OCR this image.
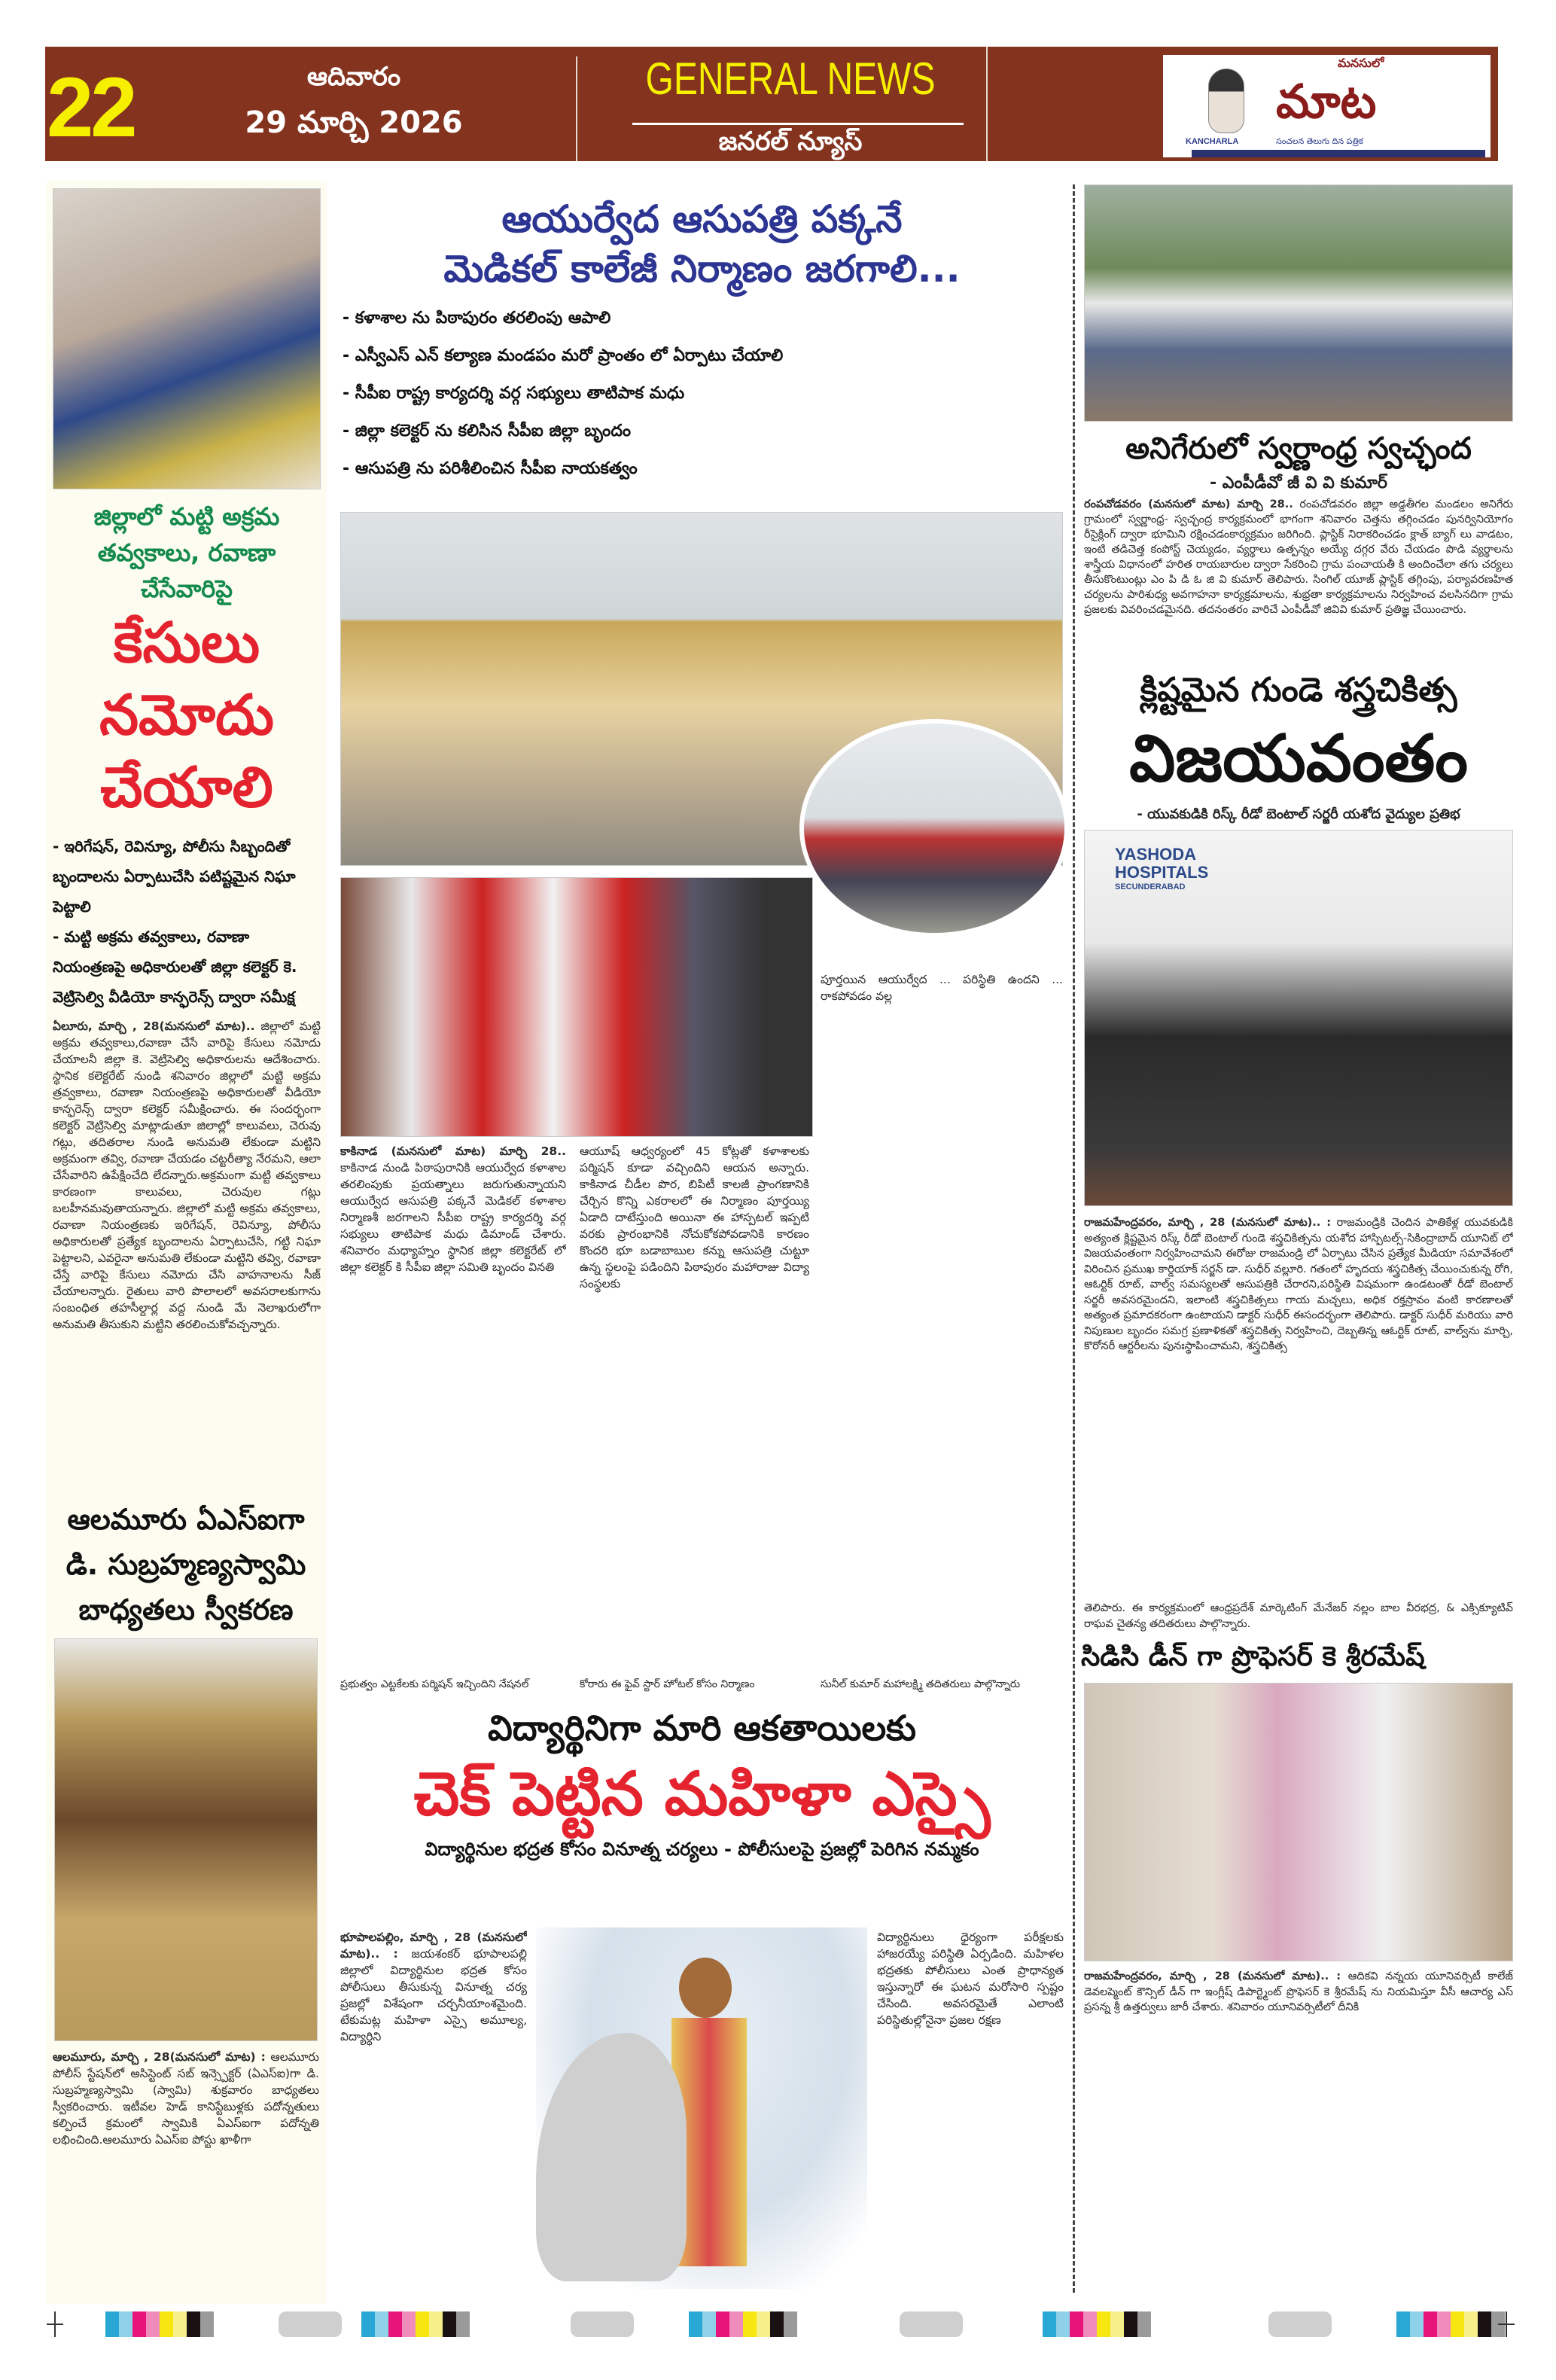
22	ఆదివారం
29 మార్చి 2026
GENERAL NEWS
జనరల్ న్యూస్
మనసులో
మాట
KANCHARLA	సంచలన తెలుగు దిన పత్రిక
జిల్లాలో మట్టి అక్రమ తవ్వకాలు, రవాణా చేసేవారిపై
కేసులు
నమోదు
చేయాలి
- ఇరిగేషన్, రెవిన్యూ, పోలీసు సిబ్బందితో బృందాలను ఏర్పాటుచేసి పటిష్టమైన నిఘా పెట్టాలి
- మట్టి అక్రమ తవ్వకాలు, రవాణా నియంత్రణపై అధికారులతో జిల్లా కలెక్టర్ కె. వెట్రిసెల్వి వీడియో కాన్ఫరెన్స్ ద్వారా సమీక్ష
ఏలూరు, మార్చి , 28(మనసులో మాట).. జిల్లాలో మట్టి అక్రమ తవ్వకాలు,రవాణా చేసే వారిపై కేసులు నమోదు చేయాలనీ జిల్లా కె. వెట్రిసెల్వి అధికారులను ఆదేశించారు. స్థానిక కలెక్టరేట్ నుండి శనివారం జిల్లాలో మట్టి అక్రమ త్రవ్వకాలు, రవాణా నియంత్రణపై అధికారులతో వీడియో కాన్ఫరెన్స్ ద్వారా కలెక్టర్ సమీక్షించారు. ఈ సందర్భంగా కలెక్టర్ వెట్రిసెల్వి మాట్లాడుతూ జిలాల్లో కాలువలు, చెరువు గట్లు, తదితరాల నుండి అనుమతి లేకుండా మట్టిని అక్రమంగా తవ్వి, రవాణా చేయడం చట్టరీత్యా నేరమని, ఆలా చేసేవారిని ఉపేక్షించేది లేదన్నారు.అక్రమంగా మట్టి తవ్వకాలు కారణంగా కాలువలు, చెరువుల గట్లు బలహీనమవుతాయన్నారు. జిల్లాలో మట్టి అక్రమ తవ్వకాలు, రవాణా నియంత్రణకు ఇరిగేషన్, రెవిన్యూ, పోలీసు అధికారులతో ప్రత్యేక బృందాలను ఏర్పాటుచేసి, గట్టి నిఘా పెట్టాలని, ఎవరైనా అనుమతి లేకుండా మట్టిని తవ్వి, రవాణా చేస్తే వారిపై కేసులు నమోదు చేసి వాహనాలను సీజ్ చేయాలన్నారు. రైతులు వారి పొలాలలో అవసరాలకుగాను సంబంధిత తహసీల్దార్ల వద్ద నుండి మే నెలాఖరులోగా అనుమతి తీసుకుని మట్టిని తరలించుకోవచ్చన్నారు.
ఆలమూరు ఏఎస్ఐగా
డి. సుబ్రహ్మణ్యస్వామి
బాధ్యతలు స్వీకరణ
ఆలమూరు, మార్చి , 28(మనసులో మాట) : ఆలమూరు పోలీస్ స్టేషన్‌లో అసిస్టెంట్ సబ్ ఇన్స్పెక్టర్ (ఏఎస్ఐ)గా డి. సుబ్రహ్మణ్యస్వామి (స్వామి) శుక్రవారం బాధ్యతలు స్వీకరించారు. ఇటీవల హెడ్ కానిస్టేబుళ్లకు పదోన్నతులు కల్పించే క్రమంలో స్వామికి ఏఎస్ఐగా పదోన్నతి లభించింది.ఆలమూరు ఏఎస్ఐ పోస్టు ఖాళీగా
ఆయుర్వేద ఆసుపత్రి పక్కనే
మెడికల్ కాలేజీ నిర్మాణం జరగాలి...
- కళాశాల ను పిఠాపురం తరలింపు ఆపాలి
- ఎస్వీఎస్ ఎన్ కల్యాణ మండపం మరో ప్రాంతం లో ఏర్పాటు చేయాలి
- సీపీఐ రాష్ట్ర కార్యదర్శి వర్గ సభ్యులు తాటిపాక మధు
- జిల్లా కలెక్టర్ ను కలిసిన సీపీఐ జిల్లా బృందం
- ఆసుపత్రి ను పరిశీలించిన సీపీఐ నాయకత్వం
కాకినాడ (మనసులో మాట) మార్చి 28.. కాకినాడ నుండి పిఠాపురానికి ఆయుర్వేద కళాశాల తరలింపుకు ప్రయత్నాలు జరుగుతున్నాయని ఆయుర్వేద ఆసుపత్రి పక్కనే మెడికల్ కళాశాల నిర్మాణశీ జరగాలని సీపీఐ రాష్ట్ర కార్యదర్శి వర్గ సభ్యులు తాటిపాక మధు డిమాండ్ చేశారు. శనివారం మధ్యాహ్నం స్థానిక జిల్లా కలెక్టరేట్ లో జిల్లా కలెక్టర్ కి సీపీఐ జిల్లా సమితి బృందం వినతి
ఆయూష్ ఆధ్వర్యంలో 45 కోట్లతో కళాశాలకు పర్మిషన్ కూడా వచ్చిందిని ఆయన అన్నారు. కాకినాడ చీడీల పొర, బిపిటీ కాలజీ ప్రాంగణానికి చేర్చిన కొన్ని ఎకరాలలో ఈ నిర్మాణం పూర్తయ్యి ఏడాది దాటేస్తుంది అయినా ఈ హాస్పటల్ ఇప్పటి వరకు ప్రారంభానికి నోచుకోకపోవడానికి కారణం కొందరి భూ బడాబాబుల కన్ను ఆసుపత్రి చుట్టూ ఉన్న స్థలంపై పడిందిని పిఠాపురం మహారాజు విద్యా సంస్థలకు
పూర్తయిన ఆయుర్వేద ... పరిస్థితి ఉందని ... రాకపోవడం వల్ల
ప్రభుత్వం ఎట్టకేలకు పర్మిషన్ ఇచ్చిందిని నేషనల్	కోరారు ఈ ఫైవ్ స్టార్ హోటల్ కోసం నిర్మాణం	సునీల్ కుమార్ మహాలక్ష్మి తదితరులు పాల్గొన్నారు
విద్యార్థినిగా మారి ఆకతాయిలకు
చెక్ పెట్టిన మహిళా ఎస్సై
విద్యార్థినుల భద్రత కోసం వినూత్న చర్యలు - పోలీసులపై ప్రజల్లో పెరిగిన నమ్మకం
భూపాలపల్లిం, మార్చి , 28 (మనసులో మాట).. : జయశంకర్ భూపాలపల్లి జిల్లాలో విద్యార్థినుల భద్రత కోసం పోలీసులు తీసుకున్న వినూత్న చర్య ప్రజల్లో విశేషంగా చర్చనీయాంశమైంది. టేకుమట్ల మహిళా ఎస్సై అమూల్య, విద్యార్థిని
విద్యార్థినులు ధైర్యంగా పరీక్షలకు హాజరయ్యే పరిస్థితి ఏర్పడింది. మహిళల భద్రతకు పోలీసులు ఎంత ప్రాధాన్యత ఇస్తున్నారో ఈ ఘటన మరోసారి స్పష్టం చేసింది. అవసరమైతే ఎలాంటి పరిస్థితుల్లోనైనా ప్రజల రక్షణ
అనిగేరులో స్వర్ణాంధ్ర స్వచ్ఛంద
- ఎంపీడీవో జీ వి వి కుమార్
రంపచోడవరం (మనసులో మాట) మార్చి 28.. రంపచోడవరం జిల్లా అడ్డతీగల మండలం అనిగేరు గ్రామంలో స్వర్ణాంధ్ర- స్వచ్ఛంద్ర కార్యక్రమంలో భాగంగా శనివారం చెత్తను తగ్గించడం పునర్వినియోగం రీసైక్లింగ్ ద్వారా భూమిని రక్షించడంకార్యక్రమం జరిగింది. ప్లాస్టిక్ నిరాకరించడం క్లాత్ బ్యాగ్ లు వాడటం, ఇంటి తడిచెత్త కంపోస్ట్ చెయ్యడం, వ్యర్థాలు ఉత్పన్నం అయ్యే దగ్గర వేరు చేయడం పొడి వ్యర్థాలను శాస్త్రీయ విధానంలో హరిత రాయబారుల ద్వారా సేకరించి గ్రామ పంచాయతీ కి అందించేలా తగు చర్యలు తీసుకొంటుంట్లు ఎం పి డి ఓ జి వి కుమార్ తెలిపారు. సింగిల్ యూజ్ ప్లాస్టిక్ తగ్గింపు, పర్యావరణహిత చర్యలను పారిశుధ్య అవగాహనా కార్యక్రమాలను, శుభ్రతా కార్యక్రమాలను నిర్వహించ వలసినదిగా గ్రామ ప్రజలకు వివరించడమైనది. తదనంతరం వారిచే ఎంపీడీవో జివివి కుమార్ ప్రతిజ్ఞ చేయించారు.
క్లిష్టమైన గుండె శస్త్రచికిత్స
విజయవంతం
- యువకుడికి రిస్క్ రీడో బెంటాల్ సర్జరీ యశోద వైద్యుల ప్రతిభ
YASHODA
HOSPITALS
SECUNDERABAD
రాజమహేంద్రవరం, మార్చి , 28 (మనసులో మాట).. : రాజమండ్రికి చెందిన పాతికేళ్ల యువకుడికి అత్యంత క్లిష్టమైన రిస్క్ రీడో బెంటాల్ గుండె శస్త్రచికిత్సను యశోద హాస్పిటల్స్-సికింద్రాబాద్ యూనిట్ లో విజయవంతంగా నిర్వహించామని ఈరోజు రాజమండ్రి లో ఏర్పాటు చేసిన ప్రత్యేక మీడియా సమావేశంలో విరించిన ప్రముఖ కార్డియాక్ సర్జన్ డా. సుధీర్ వల్లూరి. గతంలో హృదయ శస్త్రచికిత్స చేయించుకున్న రోగి, ఆఓర్టిక్ రూట్, వాల్వ్ సమస్యలతో ఆసుపత్రికి చేరారని,పరిస్థితి విషమంగా ఉండటంతో రీడో బెంటాల్ సర్జరీ అవసరమైందని, ఇలాంటి శస్త్రచికిత్సలు గాయ మచ్చలు, అధిక రక్తస్రావం వంటి కారణాలతో అత్యంత ప్రమాదకరంగా ఉంటాయని డాక్టర్ సుధీర్ ఈసందర్భంగా తెలిపారు. డాక్టర్ సుధీర్ మరియు వారి నిపుణుల బృందం సమగ్ర ప్రణాళికతో శస్త్రచికిత్స నిర్వహించి, దెబ్బతిన్న ఆఓర్టిక్ రూట్, వాల్వ్‌ను మార్చి, కొరోనరీ ఆర్టరీలను పునఃస్థాపించామని, శస్త్రచికిత్స
తెలిపారు. ఈ కార్యక్రమంలో ఆంధ్రప్రదేశ్ మార్కెటింగ్ మేనేజర్ నల్లం బాల వీరభద్ర, & ఎక్సిక్యూటివ్ రాఘవ చైతన్య తదితరులు పాల్గొన్నారు.
సిడిసి డీన్ గా ప్రొఫెసర్ కె శ్రీరమేష్
రాజమహేంద్రవరం, మార్చి , 28 (మనసులో మాట).. : ఆదికవి నన్నయ యూనివర్సిటీ కాలేజ్ డెవలప్మెంట్ కౌన్సిల్ డీన్ గా ఇంగ్లీష్ డిపార్ట్మెంట్ ప్రొఫెసర్ కె శ్రీరమేష్ ను నియమిస్తూ వీసీ ఆచార్య ఎస్ ప్రసన్న శ్రీ ఉత్తర్వులు జారీ చేశారు. శనివారం యూనివర్సిటీలో దీనికి
